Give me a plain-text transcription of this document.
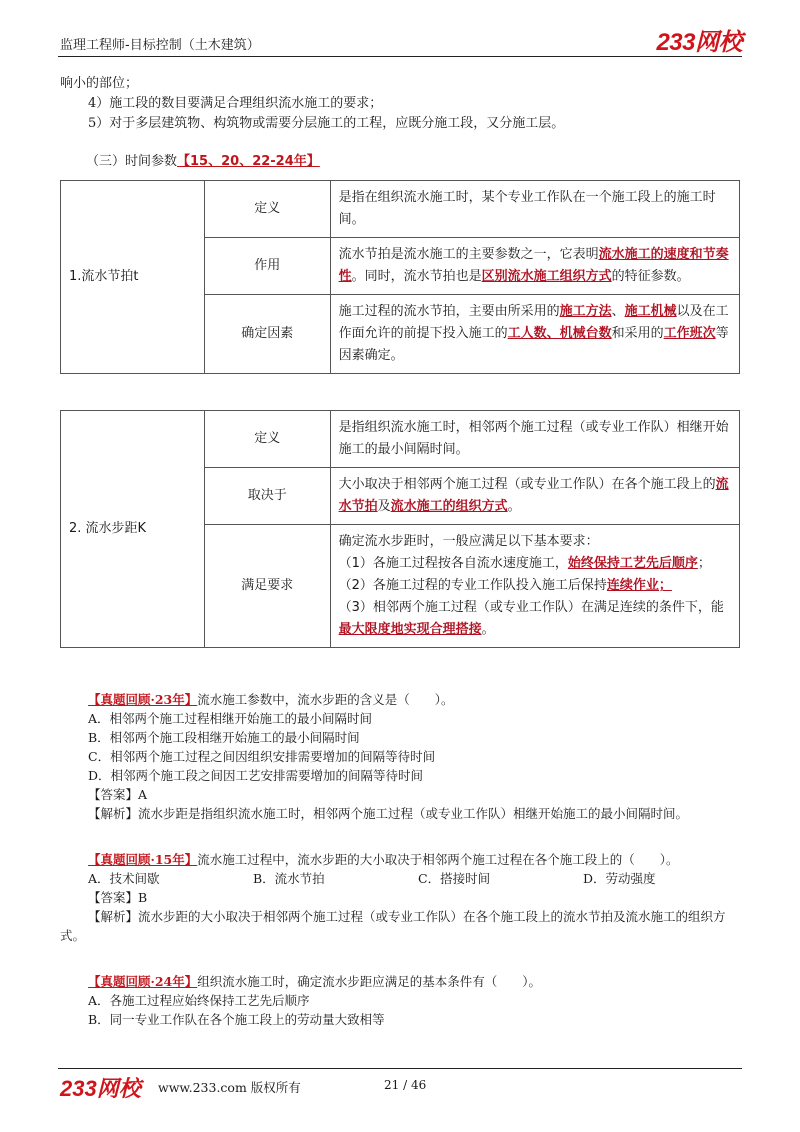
监理工程师-目标控制（土木建筑）	233网校

响小的部位；

4）施工段的数目要满足合理组织流水施工的要求；

5）对于多层建筑物、构筑物或需要分层施工的工程，应既分施工段，又分施工层。

（三）时间参数【15、20、22-24年】
1.流水节拍t	定义	是指在组织流水施工时，某个专业工作队在一个施工段上的施工时间。
	作用	流水节拍是流水施工的主要参数之一，它表明流水施工的速度和节奏性。同时，流水节拍也是区别流水施工组织方式的特征参数。
	确定因素	施工过程的流水节拍，主要由所采用的施工方法、施工机械以及在工作面允许的前提下投入施工的工人数、机械台数和采用的工作班次等因素确定。
2. 流水步距K	定义	是指组织流水施工时，相邻两个施工过程（或专业工作队）相继开始施工的最小间隔时间。
	取决于	大小取决于相邻两个施工过程（或专业工作队）在各个施工段上的流水节拍及流水施工的组织方式。
	满足要求	确定流水步距时，一般应满足以下基本要求：
（1）各施工过程按各自流水速度施工，始终保持工艺先后顺序；
（2）各施工过程的专业工作队投入施工后保持连续作业；
（3）相邻两个施工过程（或专业工作队）在满足连续的条件下，能最大限度地实现合理搭接。
【真题回顾·23年】流水施工参数中，流水步距的含义是（　　）。
A．相邻两个施工过程相继开始施工的最小间隔时间
B．相邻两个施工段相继开始施工的最小间隔时间
C．相邻两个施工过程之间因组织安排需要增加的间隔等待时间
D．相邻两个施工段之间因工艺安排需要增加的间隔等待时间
【答案】A
【解析】流水步距是指组织流水施工时，相邻两个施工过程（或专业工作队）相继开始施工的最小间隔时间。
【真题回顾·15年】流水施工过程中，流水步距的大小取决于相邻两个施工过程在各个施工段上的（　　）。
A．技术间歇	B．流水节拍	C．搭接时间	D．劳动强度
【答案】B
【解析】流水步距的大小取决于相邻两个施工过程（或专业工作队）在各个施工段上的流水节拍及流水施工的组织方式。
【真题回顾·24年】组织流水施工时，确定流水步距应满足的基本条件有（　　）。
A．各施工过程应始终保持工艺先后顺序
B．同一专业工作队在各个施工段上的劳动量大致相等
233网校 www.233.com 版权所有	21 / 46
